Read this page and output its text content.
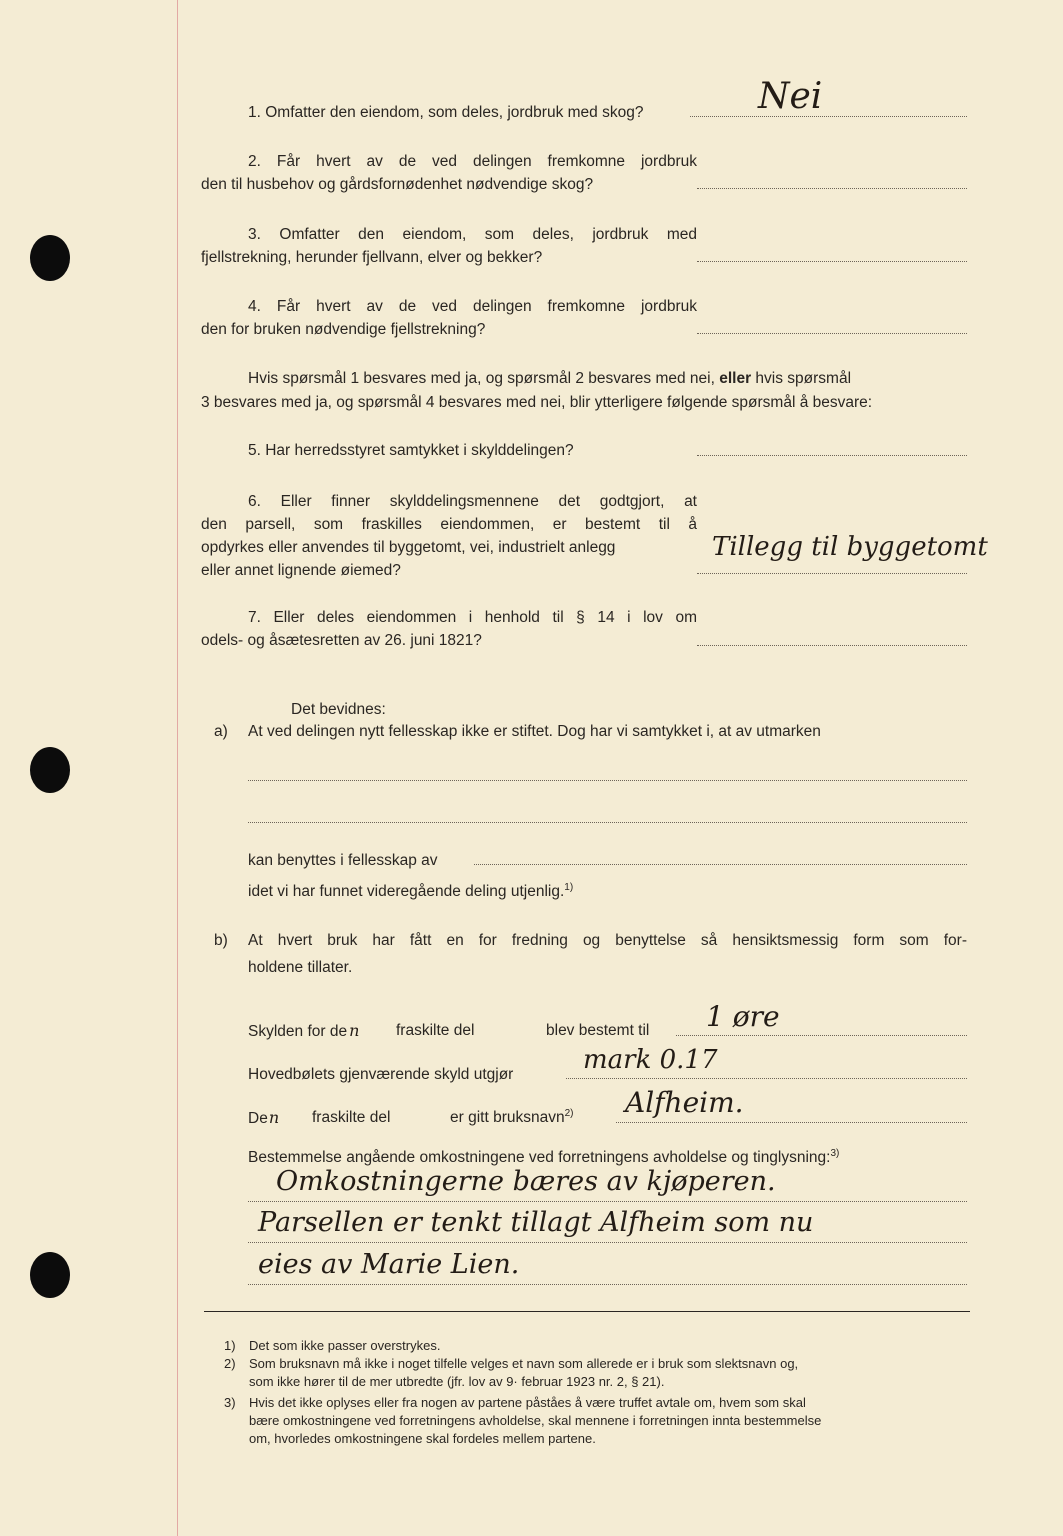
1. Omfatter den eiendom, som deles, jordbruk med skog?	Nei
2. Får hvert av de ved delingen fremkomne jordbruk
den til husbehov og gårdsfornødenhet nødvendige skog?
3. Omfatter den eiendom, som deles, jordbruk med
fjellstrekning, herunder fjellvann, elver og bekker?
4. Får hvert av de ved delingen fremkomne jordbruk
den for bruken nødvendige fjellstrekning?
Hvis spørsmål 1 besvares med ja, og spørsmål 2 besvares med nei, eller hvis spørsmål
3 besvares med ja, og spørsmål 4 besvares med nei, blir ytterligere følgende spørsmål å besvare:
5. Har herredsstyret samtykket i skylddelingen?
6. Eller finner skylddelingsmennene det godtgjort, at
den parsell, som fraskilles eiendommen, er bestemt til å
opdyrkes eller anvendes til byggetomt, vei, industrielt anlegg
eller annet lignende øiemed?
Tillegg til byggetomt
7. Eller deles eiendommen i henhold til § 14 i lov om
odels- og åsætesretten av 26. juni 1821?
Det bevidnes:
a) At ved delingen nytt fellesskap ikke er stiftet. Dog har vi samtykket i, at av utmarken
kan benyttes i fellesskap av
idet vi har funnet videregående deling utjenlig.$^{1)}$
b) At hvert bruk har fått en for fredning og benyttelse så hensiktsmessig form som for-
holdene tillater.
Skylden for de n fraskilte del	blev bestemt til 1 øre
Hovedbølets gjenværende skyld utgjør	mark 0.17
Den fraskilte del	er gitt bruksnavn$^{2)}$ Alfheim.
Bestemmelse angående omkostningene ved forretningens avholdelse og tinglysning:$^{3)}$
Omkostningerne bæres av kjøperen.
Parsellen er tenkt tillagt Alfheim som nu
eies av Marie Lien.
1) Det som ikke passer overstrykes.
2) Som bruksnavn må ikke i noget tilfelle velges et navn som allerede er i bruk som slektsnavn og,
som ikke hører til de mer utbredte (jfr. lov av 9· februar 1923 nr. 2, § 21).
3) Hvis det ikke oplyses eller fra nogen av partene påståes å være truffet avtale om, hvem som skal
bære omkostningene ved forretningens avholdelse, skal mennene i forretningen innta bestemmelse
om, hvorledes omkostningene skal fordeles mellem partene.
